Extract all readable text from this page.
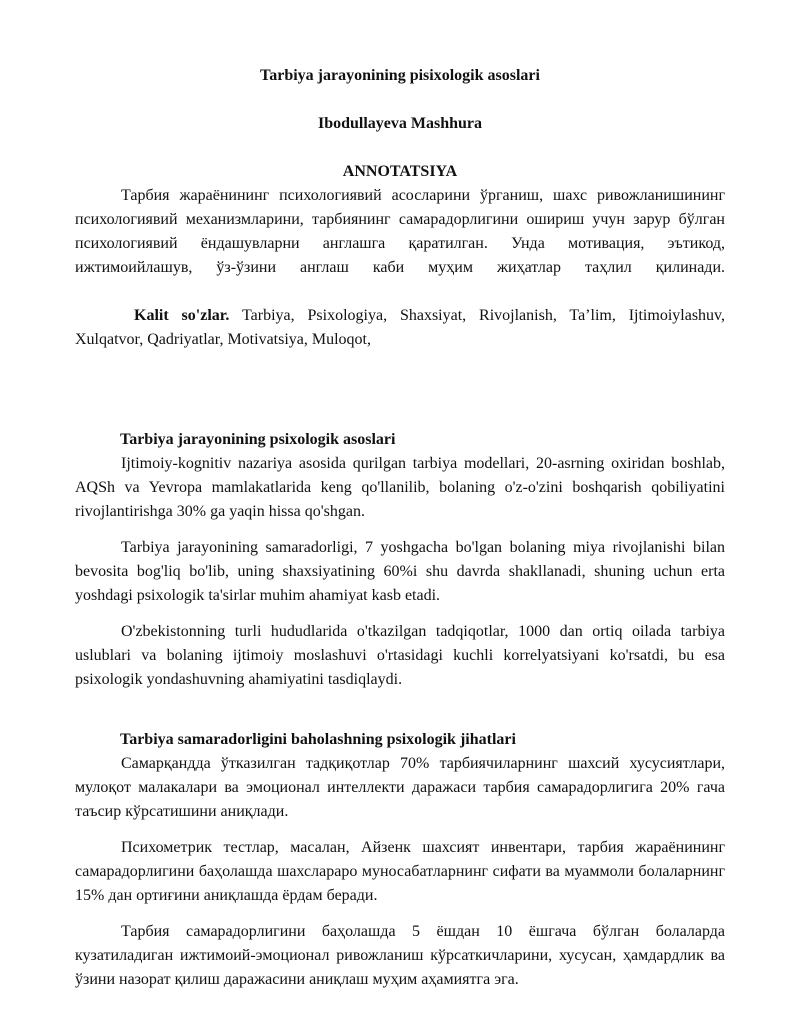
Tarbiya jarayonining pisixologik asoslari

Ibodullayeva Mashhura

ANNOTATSIYA

Тарбия жараёнининг психологиявий асосларини ўрганиш, шахс ривожланишининг психологиявий механизмларини, тарбиянинг самарадорлигини ошириш учун зарур бўлган психологиявий ёндашувларни англашга қаратилган. Унда мотивация, эътикод, ижтимоийлашув, ўз-ўзини англаш каби муҳим жиҳатлар таҳлил қилинади.

Kalit so'zlar. Tarbiya, Psixologiya, Shaxsiyat, Rivojlanish, Ta’lim, Ijtimoiylashuv, Xulqatvor, Qadriyatlar, Motivatsiya, Muloqot,

Tarbiya jarayonining psixologik asoslari

Ijtimoiy-kognitiv nazariya asosida qurilgan tarbiya modellari, 20-asrning oxiridan boshlab, AQSh va Yevropa mamlakatlarida keng qo'llanilib, bolaning o'z-o'zini boshqarish qobiliyatini rivojlantirishga 30% ga yaqin hissa qo'shgan.

Tarbiya jarayonining samaradorligi, 7 yoshgacha bo'lgan bolaning miya rivojlanishi bilan bevosita bog'liq bo'lib, uning shaxsiyatining 60%i shu davrda shakllanadi, shuning uchun erta yoshdagi psixologik ta'sirlar muhim ahamiyat kasb etadi.

O'zbekistonning turli hududlarida o'tkazilgan tadqiqotlar, 1000 dan ortiq oilada tarbiya uslublari va bolaning ijtimoiy moslashuvi o'rtasidagi kuchli korrelyatsiyani ko'rsatdi, bu esa psixologik yondashuvning ahamiyatini tasdiqlaydi.

Tarbiya samaradorligini baholashning psixologik jihatlari

Самарқандда ўтказилган тадқиқотлар 70% тарбиячиларнинг шахсий хусусиятлари, мулоқот малакалари ва эмоционал интеллекти даражаси тарбия самарадорлигига 20% гача таъсир кўрсатишини аниқлади.

Психометрик тестлар, масалан, Айзенк шахсият инвентари, тарбия жараёнининг самарадорлигини баҳолашда шахслараро муносабатларнинг сифати ва муаммоли болаларнинг 15% дан ортиғини аниқлашда ёрдам беради.

Тарбия самарадорлигини баҳолашда 5 ёшдан 10 ёшгача бўлган болаларда кузатиладиган ижтимоий-эмоционал ривожланиш кўрсаткичларини, хусусан, ҳамдардлик ва ўзини назорат қилиш даражасини аниқлаш муҳим аҳамиятга эга.
